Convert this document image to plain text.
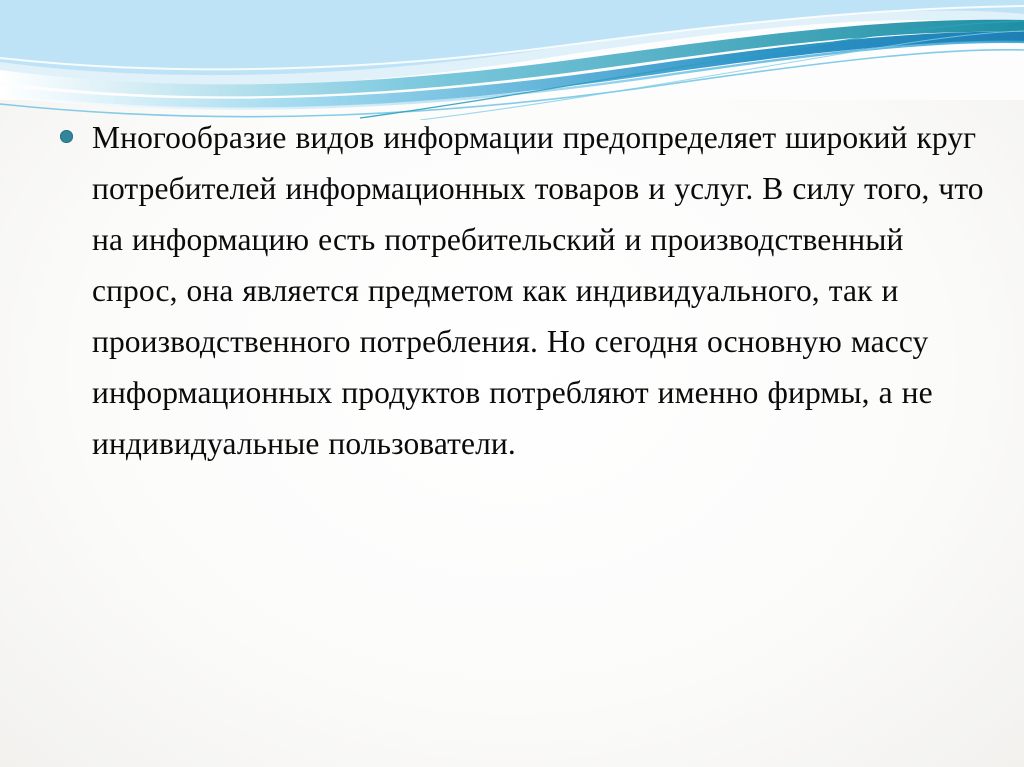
Многообразие видов информации предопределяет широкий круг потребителей информационных товаров и услуг. В силу того, что на информацию есть потребительский и производственный спрос, она является предметом как индивидуального, так и производственного потребления. Но сегодня основную массу информационных продуктов потребляют именно фирмы, а не индивидуальные пользователи.
